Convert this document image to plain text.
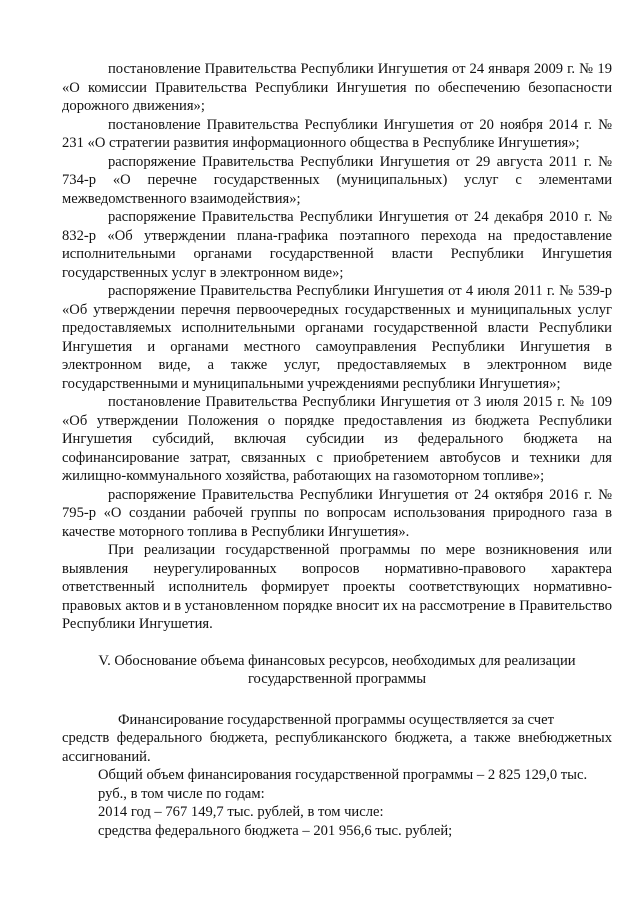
постановление Правительства Республики Ингушетия от 24 января 2009 г. № 19 «О комиссии Правительства Республики Ингушетия по обеспечению безопасности дорожного движения»;

постановление Правительства Республики Ингушетия от 20 ноября 2014 г. № 231 «О стратегии развития информационного общества в Республике Ингушетия»;

распоряжение Правительства Республики Ингушетия от 29 августа 2011 г. № 734-р «О перечне государственных (муниципальных) услуг с элементами межведомственного взаимодействия»;

распоряжение Правительства Республики Ингушетия от 24 декабря 2010 г. № 832-р «Об утверждении плана-графика поэтапного перехода на предоставление исполнительными органами государственной власти Республики Ингушетия государственных услуг в электронном виде»;

распоряжение Правительства Республики Ингушетия от 4 июля 2011 г. № 539-р «Об утверждении перечня первоочередных государственных и муниципальных услуг предоставляемых исполнительными органами государственной власти Республики Ингушетия и органами местного самоуправления Республики Ингушетия в электронном виде, а также услуг, предоставляемых в электронном виде государственными и муниципальными учреждениями республики Ингушетия»;

постановление Правительства Республики Ингушетия от 3 июля 2015 г. № 109 «Об утверждении Положения о порядке предоставления из бюджета Республики Ингушетия субсидий, включая субсидии из федерального бюджета на софинансирование затрат, связанных с приобретением автобусов и техники для жилищно-коммунального хозяйства, работающих на газомоторном топливе»;

распоряжение Правительства Республики Ингушетия от 24 октября 2016 г. № 795-р «О создании рабочей группы по вопросам использования природного газа в качестве моторного топлива в Республики Ингушетия».

При реализации государственной программы по мере возникновения или выявления неурегулированных вопросов нормативно-правового характера ответственный исполнитель формирует проекты соответствующих нормативно-правовых актов и в установленном порядке вносит их на рассмотрение в Правительство Республики Ингушетия.

V. Обоснование объема финансовых ресурсов, необходимых для реализации

государственной программы

Финансирование государственной программы осуществляется за счет

средств федерального бюджета, республиканского бюджета, а также внебюджетных ассигнований.

Общий объем финансирования государственной программы – 2 825 129,0 тыс.

руб., в том числе по годам:

2014 год – 767 149,7 тыс. рублей, в том числе:

средства федерального бюджета – 201 956,6 тыс. рублей;
